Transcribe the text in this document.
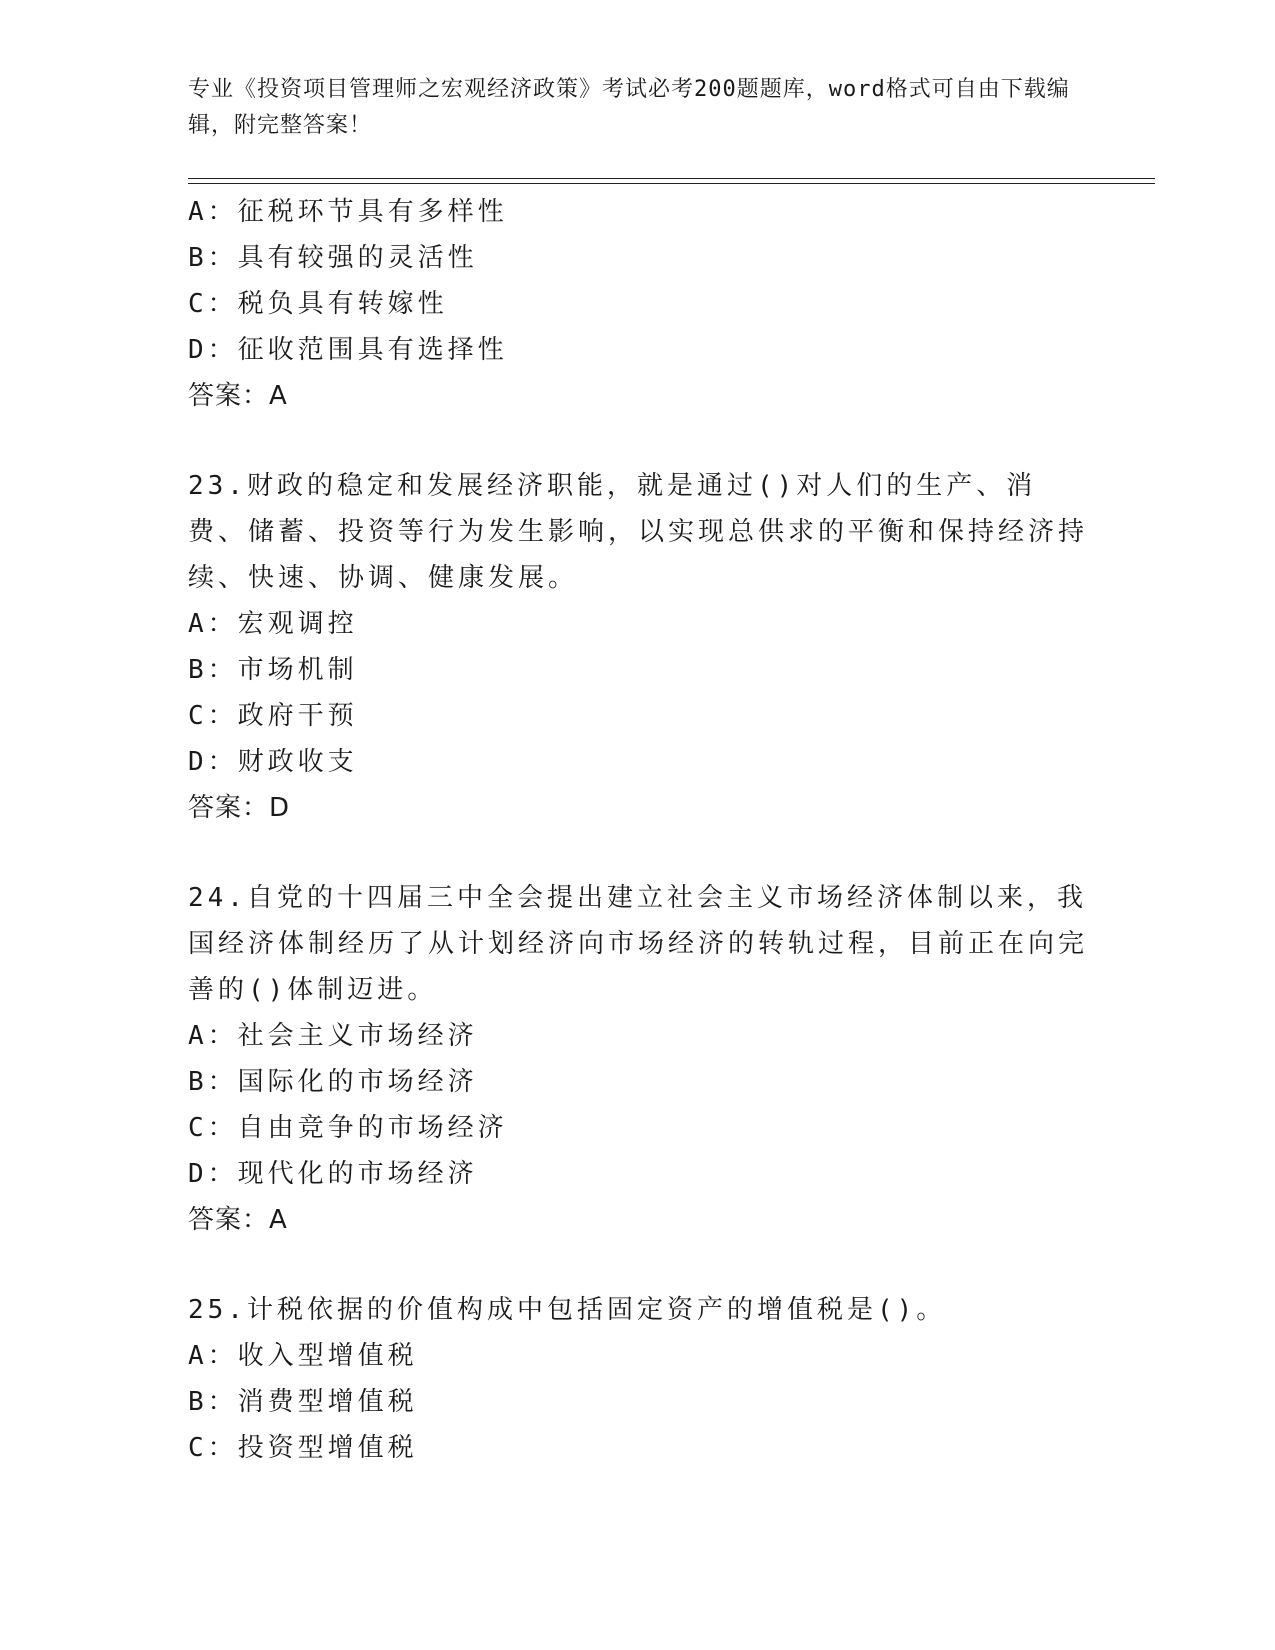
专业《投资项目管理师之宏观经济政策》考试必考200题题库，word格式可自由下载编辑，附完整答案！
A：征税环节具有多样性
B：具有较强的灵活性
C：税负具有转嫁性
D：征收范围具有选择性
答案：A
23.财政的稳定和发展经济职能，就是通过()对人们的生产、消费、储蓄、投资等行为发生影响，以实现总供求的平衡和保持经济持续、快速、协调、健康发展。
A：宏观调控
B：市场机制
C：政府干预
D：财政收支
答案：D
24.自党的十四届三中全会提出建立社会主义市场经济体制以来，我国经济体制经历了从计划经济向市场经济的转轨过程，目前正在向完善的()体制迈进。
A：社会主义市场经济
B：国际化的市场经济
C：自由竞争的市场经济
D：现代化的市场经济
答案：A
25.计税依据的价值构成中包括固定资产的增值税是()。
A：收入型增值税
B：消费型增值税
C：投资型增值税
